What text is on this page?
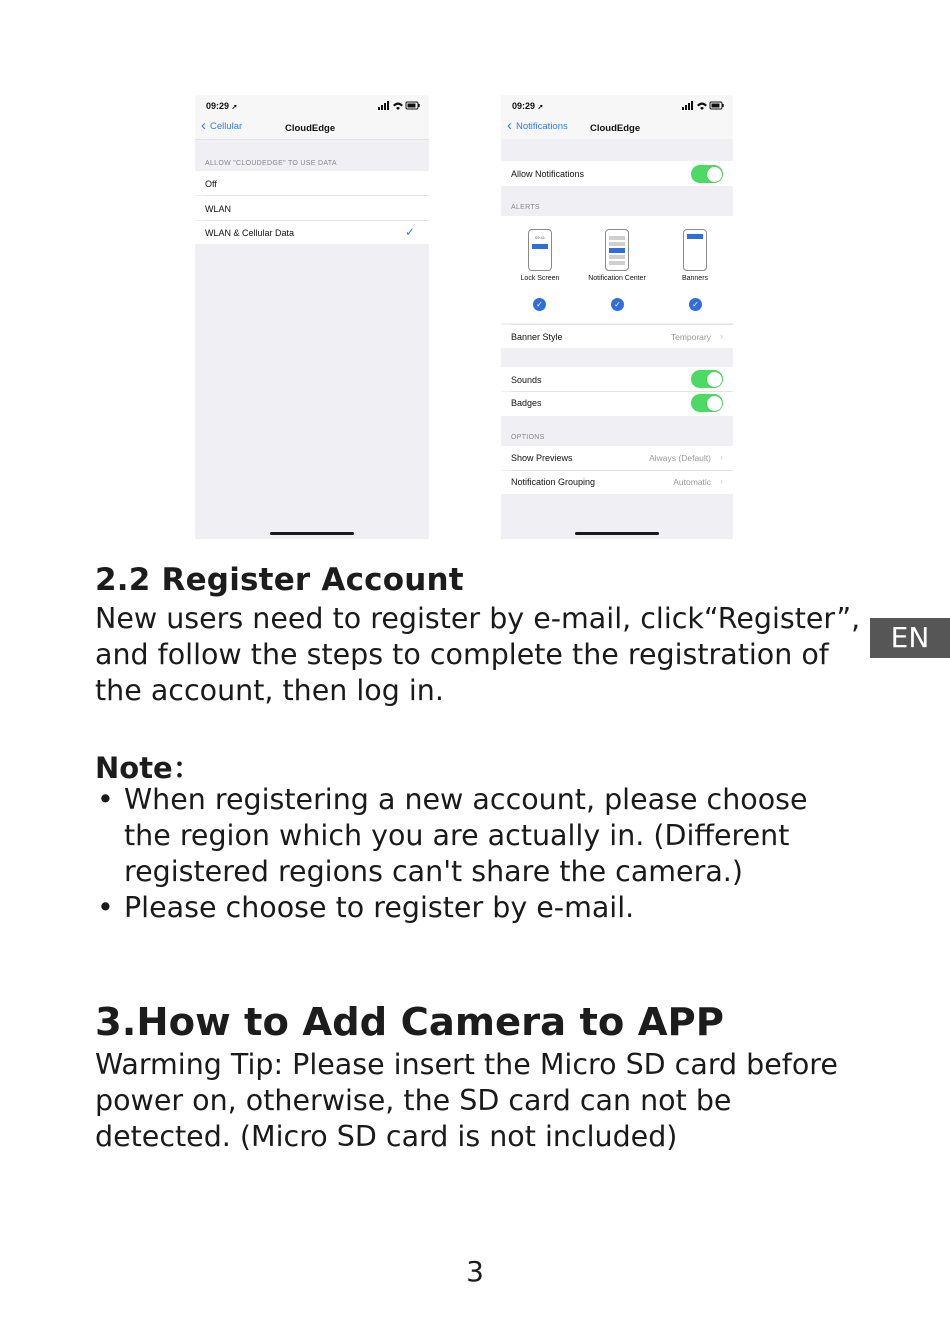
09:29 ➚
‹ Cellular	CloudEdge
ALLOW "CLOUDEDGE" TO USE DATA
Off
WLAN
WLAN & Cellular Data	✓
09:29 ➚
‹ Notifications CloudEdge
Allow Notifications
ALERTS
09:41
Lock Screen	Notification Center	Banners
✓	✓	✓
Banner Style	Temporary ›
Sounds
Badges
OPTIONS
Show Previews	Always (Default) ›
Notification Grouping	Automatic ›
2.2 Register Account

New users need to register by e-mail, click“Register”,

and follow the steps to complete the registration of

the account, then log in.

EN
Note：
• When registering a new account, please choose
the region which you are actually in. (Different
registered regions can't share the camera.)
• Please choose to register by e-mail.
3.How to Add Camera to APP

Warming Tip: Please insert the Micro SD card before

power on, otherwise, the SD card can not be

detected. (Micro SD card is not included)

3
